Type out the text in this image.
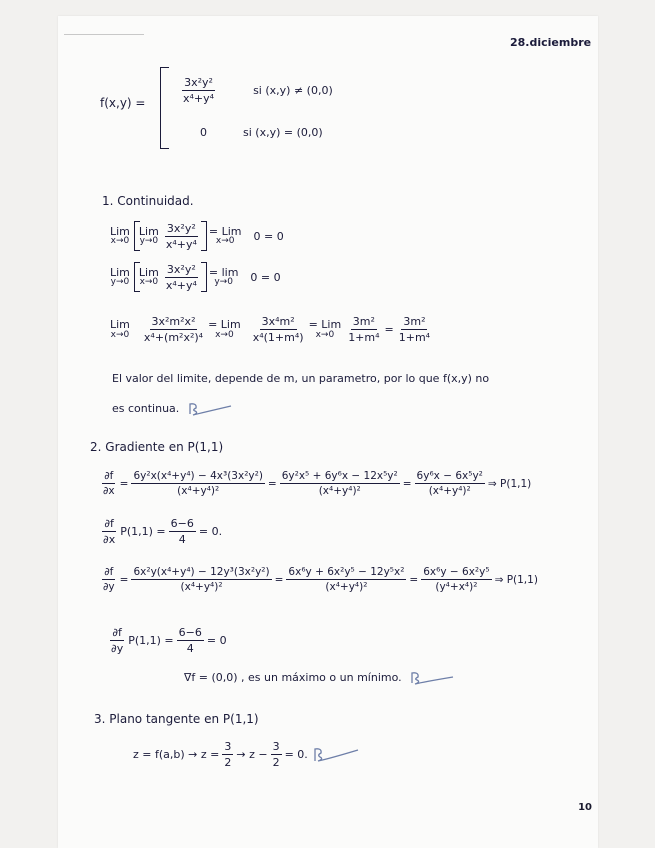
28.diciembre
f(x,y) =	$\frac{\text{3x²y²}}{\text{x⁴+y⁴}}$	si (x,y) ≠ (0,0)
0	si (x,y) = (0,0)
1. Continuidad.
Lim
x→0
Lim
$y\to 0 \frac{\text{3x²y²}}{\text{x⁴+y⁴}}$ = Lim
x→0 0 = 0
Lim
y→0
Lim
$x\to 0 \frac{\text{3x²y²}}{\text{x⁴+y⁴}} = \lim$
y→0 0 = 0
Lim
$x\to 0 \frac{\text{3x²m²x²}}{\text{x⁴+(m²x²)⁴}}$ = Lim
$x\to 0 \frac{\text{3x⁴m²}}{\text{x⁴(1+m⁴)}}$ = Lim
$x\to 0 \frac{\text{3m²}}{\text{1+m⁴}} = \frac{\text{3m²}}{\text{1+m⁴}}$
El valor del limite, depende de m, un parametro, por lo que f(x,y) no
es continua.
2. Gradiente en P(1,1)
$\frac{\partial f}{\partial x} = \frac{\text{6y²x(x⁴+y⁴) − 4x³(3x²y²)}}{\text{(x⁴+y⁴)²}} = \frac{\text{6y²x⁵ + 6y⁶x − 12x⁵y²}}{\text{(x⁴+y⁴)²}} = \frac{\text{6y⁶x − 6x⁵y²}}{\text{(x⁴+y⁴)²}}$ ⇒ P(1,1)
$\frac{\partial f}{\partial x} P(1,1) = \frac{6-6}{4} = 0$.
$\frac{\partial f}{\partial y} = \frac{\text{6x²y(x⁴+y⁴) − 12y³(3x²y²)}}{\text{(x⁴+y⁴)²}} = \frac{\text{6x⁶y + 6x²y⁵ − 12y⁵x²}}{\text{(x⁴+y⁴)²}} = \frac{\text{6x⁶y − 6x²y⁵}}{\text{(y⁴+x⁴)²}}$ ⇒ P(1,1)
$\frac{\partial f}{\partial y} P(1,1) = \frac{6-6}{4} = 0$
∇f = (0,0) , es un máximo o un mínimo.
3. Plano tangente en P(1,1)
$z = f(a,b) \to z = \frac{3}{2} \to z - \frac{3}{2} = 0$.
10
